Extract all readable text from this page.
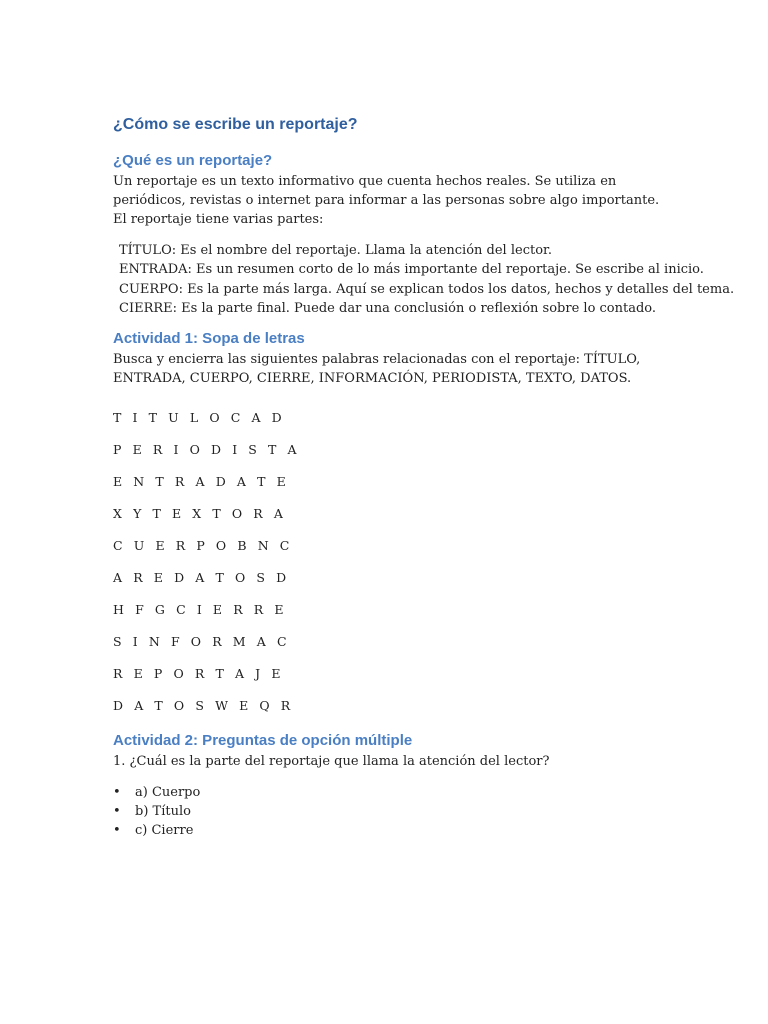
¿Cómo se escribe un reportaje?
¿Qué es un reportaje?

Un reportaje es un texto informativo que cuenta hechos reales. Se utiliza en periódicos, revistas o internet para informar a las personas sobre algo importante. El reportaje tiene varias partes:

TÍTULO: Es el nombre del reportaje. Llama la atención del lector.

ENTRADA: Es un resumen corto de lo más importante del reportaje. Se escribe al inicio.

CUERPO: Es la parte más larga. Aquí se explican todos los datos, hechos y detalles del tema.

CIERRE: Es la parte final. Puede dar una conclusión o reflexión sobre lo contado.

Actividad 1: Sopa de letras

Busca y encierra las siguientes palabras relacionadas con el reportaje: TÍTULO, ENTRADA, CUERPO, CIERRE, INFORMACIÓN, PERIODISTA, TEXTO, DATOS.

T I T U L O C A D
P E R I O D I S T A
E N T R A D A T E
X Y T E X T O R A
C U E R P O B N C
A R E D A T O S D
H F G C I E R R E
S I N F O R M A C
R E P O R T A J E
D A T O S W E Q R
Actividad 2: Preguntas de opción múltiple

1. ¿Cuál es la parte del reportaje que llama la atención del lector?

• a) Cuerpo
• b) Título
• c) Cierre
